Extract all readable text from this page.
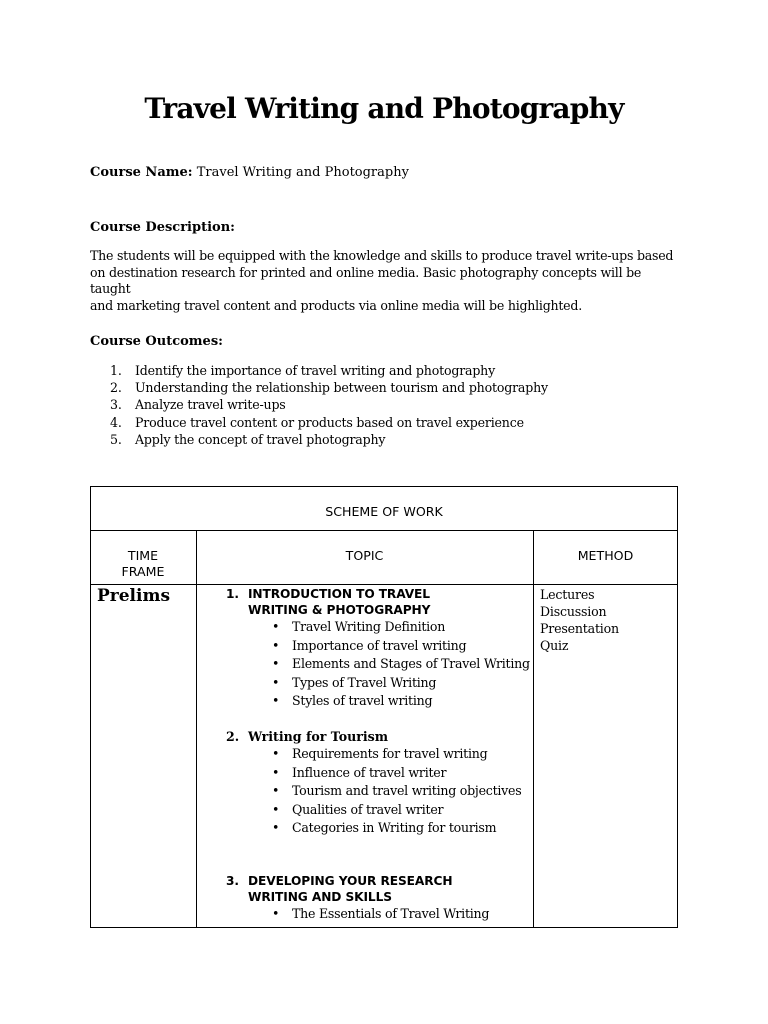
Travel Writing and Photography
Course Name: Travel Writing and Photography
Course Description:
The students will be equipped with the knowledge and skills to produce travel write-ups based
on destination research for printed and online media. Basic photography concepts will be taught
and marketing travel content and products via online media will be highlighted.
Course Outcomes:
1. Identify the importance of travel writing and photography
2. Understanding the relationship between tourism and photography
3. Analyze travel write-ups
4. Produce travel content or products based on travel experience
5. Apply the concept of travel photography
SCHEME OF WORK
TIME
FRAME
TOPIC	METHOD
Prelims	Lectures
Discussion
Presentation
Quiz
1. INTRODUCTION TO TRAVEL
WRITING & PHOTOGRAPHY
• Travel Writing Definition
• Importance of travel writing
• Elements and Stages of Travel Writing
• Types of Travel Writing
• Styles of travel writing
2. Writing for Tourism
• Requirements for travel writing
• Influence of travel writer
• Tourism and travel writing objectives
• Qualities of travel writer
• Categories in Writing for tourism
3. DEVELOPING YOUR RESEARCH
WRITING AND SKILLS
• The Essentials of Travel Writing
